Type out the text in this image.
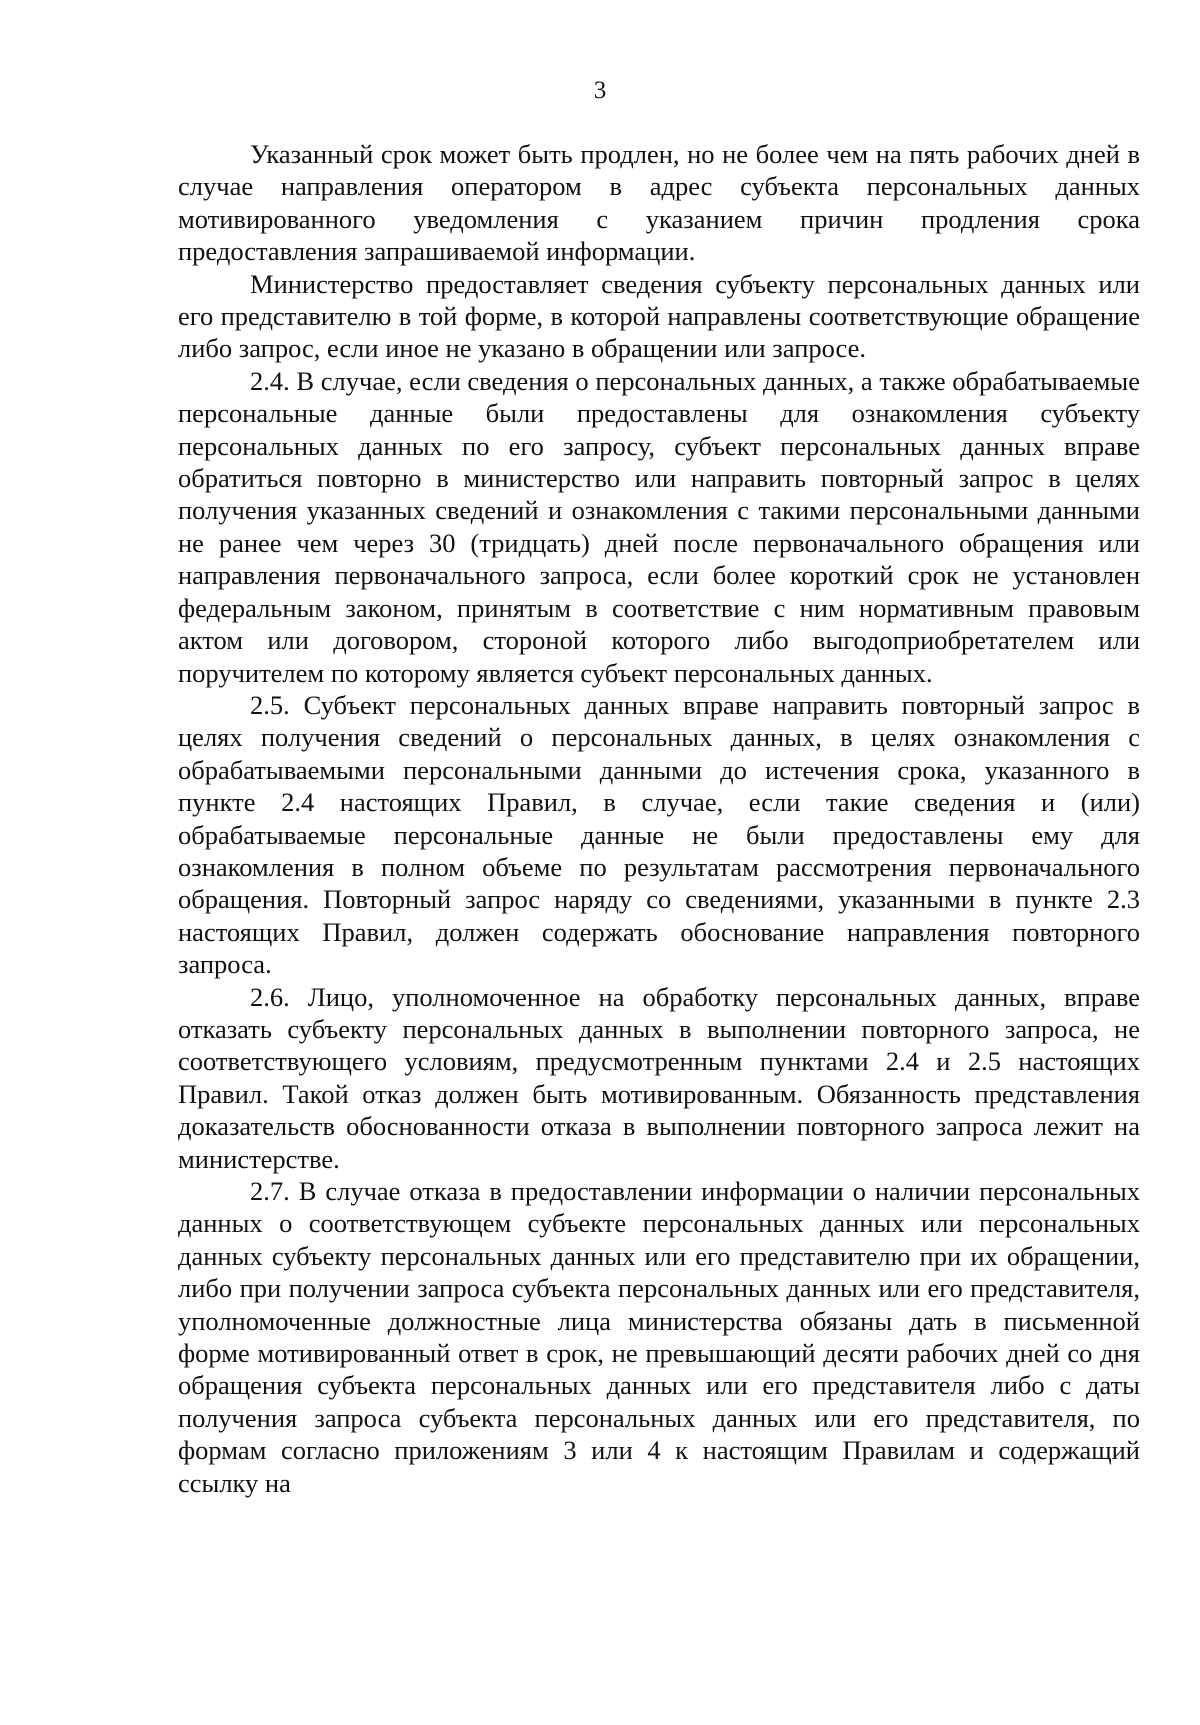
3

Указанный срок может быть продлен, но не более чем на пять рабочих дней в случае направления оператором в адрес субъекта персональных данных мотивированного уведомления с указанием причин продления срока предоставления запрашиваемой информации.

Министерство предоставляет сведения субъекту персональных данных или его представителю в той форме, в которой направлены соответствующие обращение либо запрос, если иное не указано в обращении или запросе.

2.4. В случае, если сведения о персональных данных, а также обрабатываемые персональные данные были предоставлены для ознакомления субъекту персональных данных по его запросу, субъект персональных данных вправе обратиться повторно в министерство или направить повторный запрос в целях получения указанных сведений и ознакомления с такими персональными данными не ранее чем через 30 (тридцать) дней после первоначального обращения или направления первоначального запроса, если более короткий срок не установлен федеральным законом, принятым в соответствие с ним нормативным правовым актом или договором, стороной которого либо выгодоприобретателем или поручителем по которому является субъект персональных данных.

2.5. Субъект персональных данных вправе направить повторный запрос в целях получения сведений о персональных данных, в целях ознакомления с обрабатываемыми персональными данными до истечения срока, указанного в пункте 2.4 настоящих Правил, в случае, если такие сведения и (или) обрабатываемые персональные данные не были предоставлены ему для ознакомления в полном объеме по результатам рассмотрения первоначального обращения. Повторный запрос наряду со сведениями, указанными в пункте 2.3 настоящих Правил, должен содержать обоснование направления повторного запроса.

2.6. Лицо, уполномоченное на обработку персональных данных, вправе отказать субъекту персональных данных в выполнении повторного запроса, не соответствующего условиям, предусмотренным пунктами 2.4 и 2.5 настоящих Правил. Такой отказ должен быть мотивированным. Обязанность представления доказательств обоснованности отказа в выполнении повторного запроса лежит на министерстве.

2.7. В случае отказа в предоставлении информации о наличии персональных данных о соответствующем субъекте персональных данных или персональных данных субъекту персональных данных или его представителю при их обращении, либо при получении запроса субъекта персональных данных или его представителя, уполномоченные должностные лица министерства обязаны дать в письменной форме мотивированный ответ в срок, не превышающий десяти рабочих дней со дня обращения субъекта персональных данных или его представителя либо с даты получения запроса субъекта персональных данных или его представителя, по формам согласно приложениям 3 или 4 к настоящим Правилам и содержащий ссылку на
